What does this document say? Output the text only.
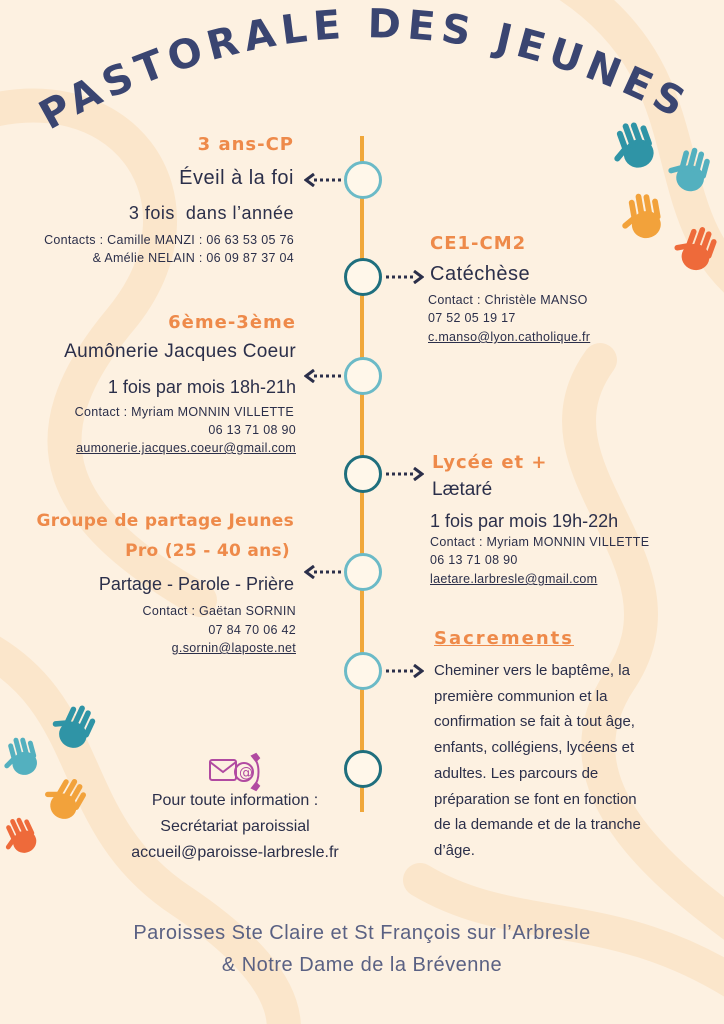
PASTORALE DES JEUNES
3 ans-CP
Éveil à la foi
3 fois  dans l’année
Contacts : Camille MANZI : 06 63 53 05 76
& Amélie NELAIN : 06 09 87 37 04
CE1-CM2
Catéchèse
Contact : Christèle MANSO
07 52 05 19 17
c.manso@lyon.catholique.fr
6ème-3ème
Aumônerie Jacques Coeur
1 fois par mois 18h-21h
Contact : Myriam MONNIN VILLETTE
06 13 71 08 90
aumonerie.jacques.coeur@gmail.com
Lycée et +
Lætaré
1 fois par mois 19h-22h
Contact : Myriam MONNIN VILLETTE
06 13 71 08 90
laetare.larbresle@gmail.com
Groupe de partage Jeunes
Pro (25 - 40 ans)
Partage - Parole - Prière
Contact : Gaëtan SORNIN
07 84 70 06 42
g.sornin@laposte.net	Sacrements
Cheminer vers le baptême, la
première communion et la
confirmation se fait à tout âge,
enfants, collégiens, lycéens et
adultes. Les parcours de
préparation se font en fonction
de la demande et de la tranche
d’âge.
@
Pour toute information :
Secrétariat paroissial
accueil@paroisse-larbresle.fr
Paroisses Ste Claire et St François sur l’Arbresle
& Notre Dame de la Brévenne
